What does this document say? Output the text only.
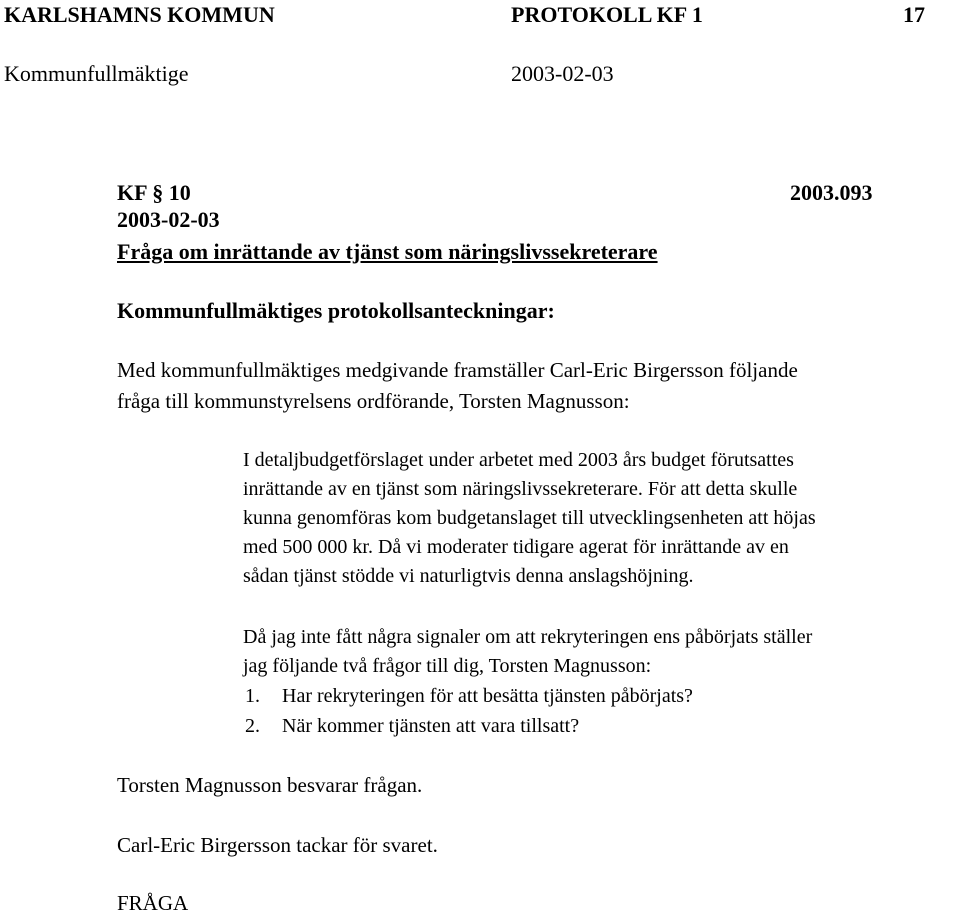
KARLSHAMNS KOMMUN	PROTOKOLL KF 1	17
Kommunfullmäktige	2003-02-03
KF § 10	2003.093
2003-02-03
Fråga om inrättande av tjänst som näringslivssekreterare
Kommunfullmäktiges protokollsanteckningar:
Med kommunfullmäktiges medgivande framställer Carl-Eric Birgersson följande
fråga till kommunstyrelsens ordförande, Torsten Magnusson:
I detaljbudgetförslaget under arbetet med 2003 års budget förutsattes
inrättande av en tjänst som näringslivssekreterare. För att detta skulle
kunna genomföras kom budgetanslaget till utvecklingsenheten att höjas
med 500 000 kr. Då vi moderater tidigare agerat för inrättande av en
sådan tjänst stödde vi naturligtvis denna anslagshöjning.
Då jag inte fått några signaler om att rekryteringen ens påbörjats ställer
jag följande två frågor till dig, Torsten Magnusson:
1. Har rekryteringen för att besätta tjänsten påbörjats?
2. När kommer tjänsten att vara tillsatt?
Torsten Magnusson besvarar frågan.
Carl-Eric Birgersson tackar för svaret.
FRÅGA
